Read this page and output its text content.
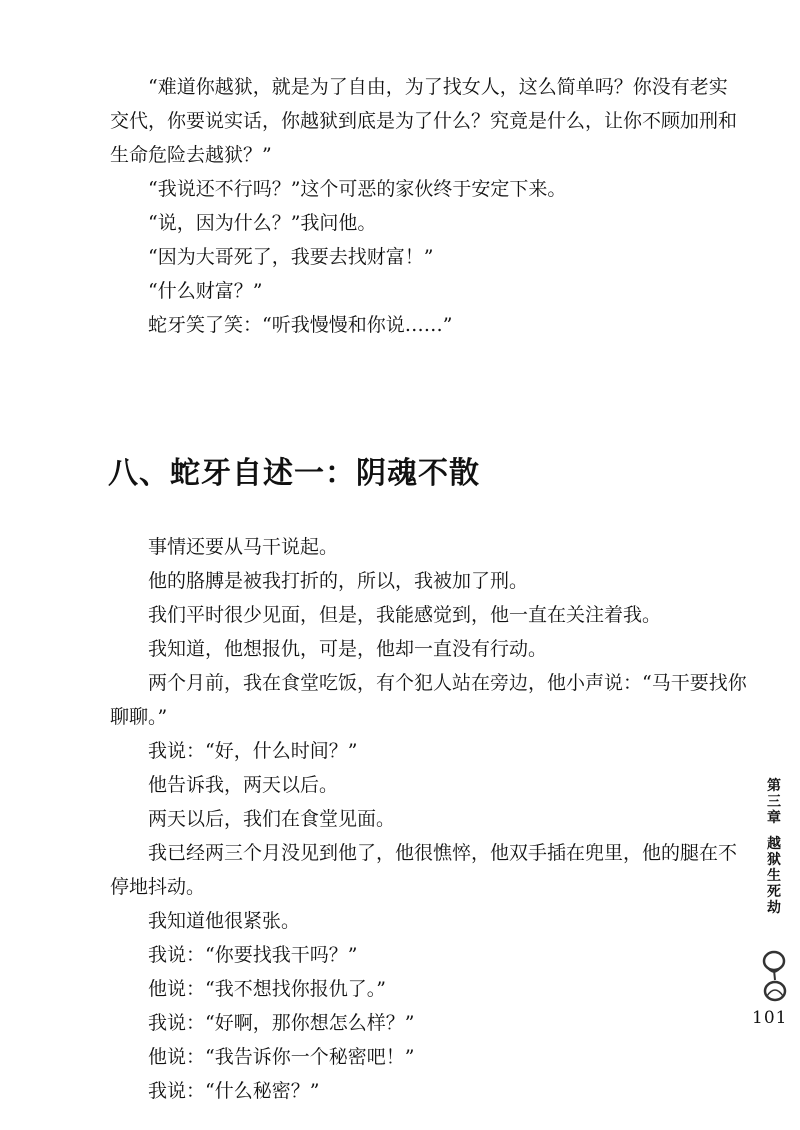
“难道你越狱，就是为了自由，为了找女人，这么简单吗？你没有老实

交代，你要说实话，你越狱到底是为了什么？究竟是什么，让你不顾加刑和

生命危险去越狱？”

“我说还不行吗？”这个可恶的家伙终于安定下来。

“说，因为什么？”我问他。

“因为大哥死了，我要去找财富！”

“什么财富？”

蛇牙笑了笑：“听我慢慢和你说……”

八、蛇牙自述一：阴魂不散

事情还要从马干说起。

他的胳膊是被我打折的，所以，我被加了刑。

我们平时很少见面，但是，我能感觉到，他一直在关注着我。

我知道，他想报仇，可是，他却一直没有行动。

两个月前，我在食堂吃饭，有个犯人站在旁边，他小声说：“马干要找你

聊聊。”

我说：“好，什么时间？”

他告诉我，两天以后。

两天以后，我们在食堂见面。

我已经两三个月没见到他了，他很憔悴，他双手插在兜里，他的腿在不

停地抖动。

我知道他很紧张。

我说：“你要找我干吗？”

他说：“我不想找你报仇了。”

我说：“好啊，那你想怎么样？”

他说：“我告诉你一个秘密吧！”

我说：“什么秘密？”

第
三
章
越
狱
生
死
劫
101
